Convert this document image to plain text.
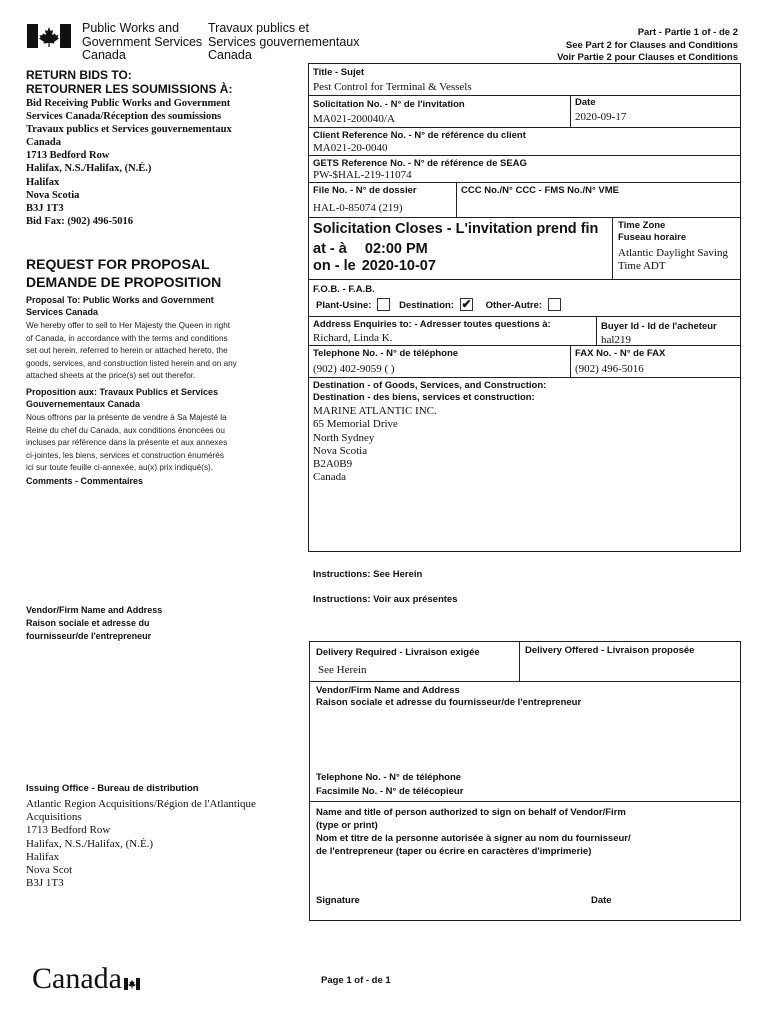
Public Works and
Government Services
Canada
Travaux publics et
Services gouvernementaux
Canada
Part - Partie 1 of - de 2
See Part 2 for Clauses and Conditions
Voir Partie 2 pour Clauses et Conditions
RETURN BIDS TO:
RETOURNER LES SOUMISSIONS À:
Bid Receiving Public Works and Government
Services Canada/Réception des soumissions
Travaux publics et Services gouvernementaux
Canada
1713 Bedford Row
Halifax, N.S./Halifax, (N.É.)
Halifax
Nova Scotia
B3J 1T3
Bid Fax: (902) 496-5016
REQUEST FOR PROPOSAL
DEMANDE DE PROPOSITION
Proposal To: Public Works and Government
Services Canada
We hereby offer to sell to Her Majesty the Queen in right
of Canada, in accordance with the terms and conditions
set out herein, referred to herein or attached hereto, the
goods, services, and construction listed herein and on any
attached sheets at the price(s) set out therefor.
Proposition aux: Travaux Publics et Services
Gouvernementaux Canada
Nous offrons par la présente de vendre à Sa Majesté la
Reine du chef du Canada, aux conditions énoncées ou
incluses par référence dans la présente et aux annexes
ci-jointes, les biens, services et construction énumérés
ici sur toute feuille ci-annexée, au(x) prix indiqué(s).
Comments - Commentaires
Vendor/Firm Name and Address
Raison sociale et adresse du
fournisseur/de l'entrepreneur
Issuing Office - Bureau de distribution
Atlantic Region Acquisitions/Région de l'Atlantique
Acquisitions
1713 Bedford Row
Halifax, N.S./Halifax, (N.É.)
Halifax
Nova Scot
B3J 1T3
Title - Sujet
Pest Control for Terminal & Vessels
Solicitation No. - N° de l'invitation
MA021-200040/A
Date
2020-09-17
Client Reference No. - N° de référence du client
MA021-20-0040
GETS Reference No. - N° de référence de SEAG
PW-$HAL-219-11074
File No. - N° de dossier
HAL-0-85074 (219)
CCC No./N° CCC - FMS No./N° VME
Solicitation Closes - L'invitation prend fin
at - à 02:00 PM
on - le 2020-10-07
Time Zone
Fuseau horaire
Atlantic Daylight Saving
Time ADT
F.O.B. - F.A.B.
Plant-Usine:	Destination: ✔ Other-Autre:
Address Enquiries to: - Adresser toutes questions à:
Richard, Linda K.
Buyer Id - Id de l'acheteur
hal219
Telephone No. - N° de téléphone
(902) 402-9059 ( )
FAX No. - N° de FAX
(902) 496-5016
Destination - of Goods, Services, and Construction:
Destination - des biens, services et construction:
MARINE ATLANTIC INC.
65 Memorial Drive
North Sydney
Nova Scotia
B2A0B9
Canada
Instructions: See Herein
Instructions: Voir aux présentes
Delivery Required - Livraison exigée
See Herein
Delivery Offered - Livraison proposée
Vendor/Firm Name and Address
Raison sociale et adresse du fournisseur/de l'entrepreneur
Telephone No. - N° de téléphone
Facsimile No. - N° de télécopieur
Name and title of person authorized to sign on behalf of Vendor/Firm
(type or print)
Nom et titre de la personne autorisée à signer au nom du fournisseur/
de l'entrepreneur (taper ou écrire en caractères d'imprimerie)
Signature	Date
Canada	Page 1 of - de 1
